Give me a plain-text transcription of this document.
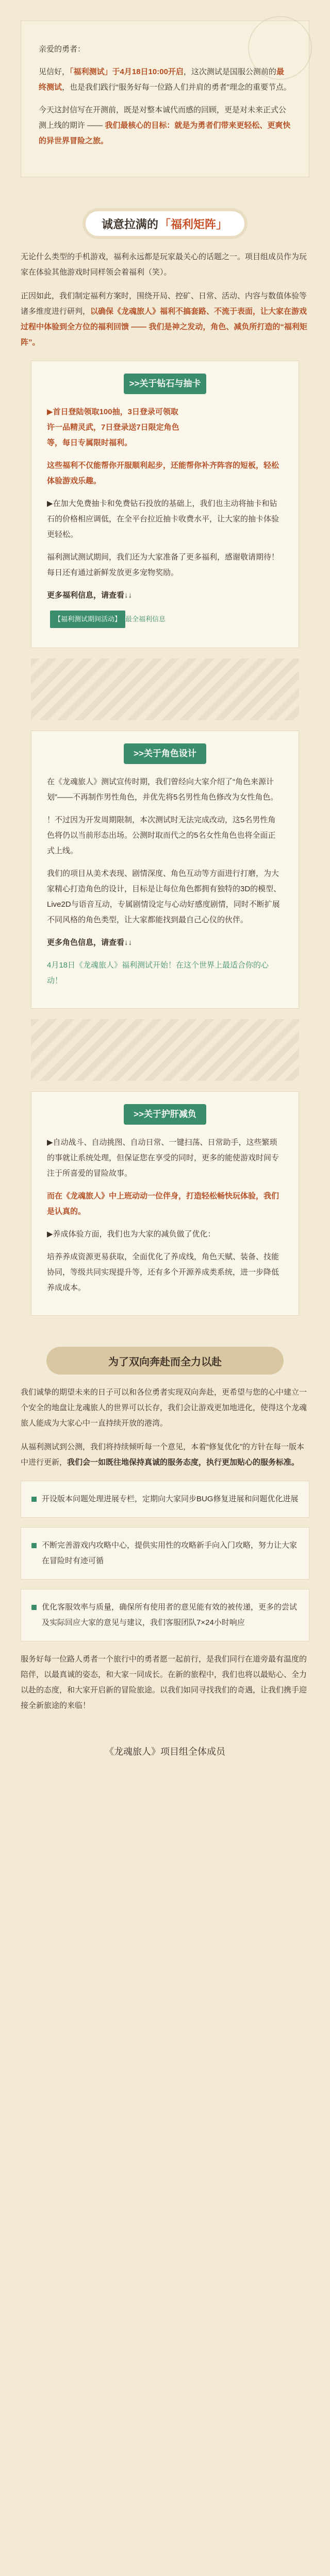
亲爱的勇者：

见信好，「福利测试」于4月18日10:00开启，这次测试是国服公测前的最终测试，也是我们践行“服务好每一位路人们并肩的勇者”理念的重要节点。

今天这封信写在开测前，既是对整本诚代而感的回顾，更是对未来正式公测上线的期许 —— 我们最核心的目标：就是为勇者们带来更轻松、更爽快的异世界冒险之旅。

诚意拉满的 「福利矩阵」

无论什么类型的手机游戏，福利永远都是玩家最关心的话题之一。项目组成员作为玩家在体验其他游戏时同样领会着福利（笑）。

正因如此，我们制定福利方案时，围绕开局、控矿、日常、活动、内容与数值体验等诸多维度进行研判，以确保《龙魂旅人》福利不搞套路、不流于表面，让大家在游戏过程中体验到全方位的福利回馈 —— 我们是神之发动，角色、减负所打造的“福利矩阵”。

>>关于钻石与抽卡

▶首日登陆领取100抽，3日登录可领取
许一品精灵武，7日登录送7日限定角色
等，每日专属限时福利。

这些福利不仅能帮你开服顺利起步，还能帮你补齐阵容的短板，轻松体验游戏乐趣。

▶在加大免费抽卡和免费钻石投放的基础上，我们也主动将抽卡和钻石的价格相应调低，在全平台拉近抽卡收费水平，让大家的抽卡体验更轻松。

福利测试测试期间，我们还为大家准备了更多福利，感谢敬请期待！每日还有通过新鲜发放更多宠物奖励。

更多福利信息，请查看↓↓

【福利测试期间活动】 最全福利信息

>>关于角色设计

在《龙魂旅人》测试宣传时期，我们曾经向大家介绍了“角色来源计划”——不再制作男性角色，并优先将5名男性角色修改为女性角色。

！不过因为开发周期限制，本次测试时无法完成改动，这5名男性角色将仍以当前形态出场。公测时取而代之的5名女性角色也将全面正式上线。

我们的项目从美术表现、剧情深度、角色互动等方面进行打磨，为大家精心打造角色的设计，目标是让每位角色都拥有独特的3D的模型、Live2D与语音互动，专属剧情设定与心动好感度剧情，同时不断扩展不同风格的角色类型，让大家都能找到最自己心仪的伙伴。

更多角色信息，请查看↓↓

4月18日《龙魂旅人》福利测试开始！在这个世界上最适合你的心动！

>>关于护肝减负

▶自动战斗、自动挑图、自动日常、一键扫荡、日常助手，这些繁琐的事就让系统处理，但保证您在享受的同时，更多的能使游戏时间专注于所喜爱的冒险故事。

而在《龙魂旅人》中上班动动一位伴身，打造轻松畅快玩体验，我们是认真的。

▶养成体验方面，我们也为大家的减负做了优化：

培养养成资源更易获取，全面优化了养成线，角色天赋、装备、技能协同，等级共同实现提升等，还有多个开源养成类系统，进一步降低养成成本。

为了双向奔赴而全力以赴

我们诚挚的期望未来的日子可以和各位勇者实现双向奔赴，更希望与您的心中建立一个安全的地盘让龙魂旅人的世界可以长存，我们会让游戏更加地进化，使得这个龙魂旅人能成为大家心中一直持续开放的港湾。

从福利测试到公测，我们将持续倾听每一个意见，本着“修复优化”的方针在每一版本中进行更新，我们会一如既往地保持真诚的服务态度，执行更加贴心的服务标准。

开设版本问题处理进展专栏，定期向大家同步BUG修复进展和问题优化进展

不断完善游戏内攻略中心，提供实用性的攻略新手向入门攻略，努力让大家在冒险时有迹可循

优化客服效率与质量，确保所有使用者的意见能有效的被传递，更多的尝试及实际回应大家的意见与建议，我们客服团队7×24小时响应

服务好每一位路人勇者一个旅行中的勇者愿一起前行，是我们同行在道旁最有温度的陪伴，以最真诚的姿态，和大家一同成长。在新的旅程中，我们也将以最贴心、全力以赴的态度，和大家开启新的冒险旅途。以我们如同寻找我们的奇遇，让我们携手迎接全新旅途的来临！

《龙魂旅人》项目组全体成员
